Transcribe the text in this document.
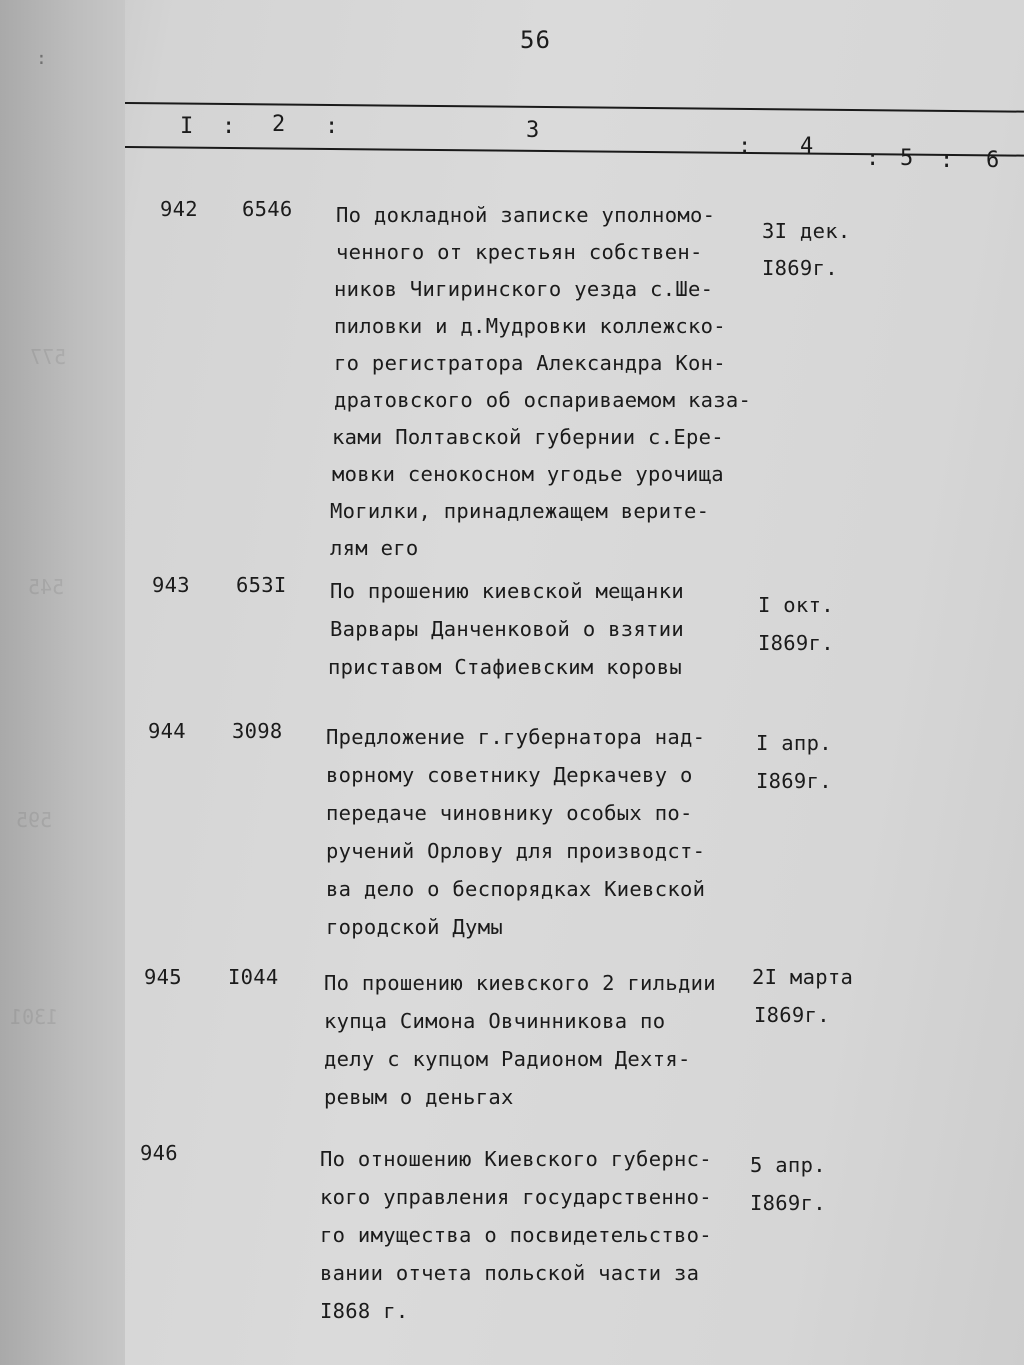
:
577
545
595
1301
56
I : 2 :	3
: 4 : 5 : 6
942 6546 По докладной записке уполномо-
ченного от крестьян собствен-
ников Чигиринского уезда с.Ше-
пиловки и д.Мудровки коллежско-
го регистратора Александра Кон-
дратовского об оспариваемом каза-
ками Полтавской губернии с.Ере-
мовки сенокосном угодье урочища
Могилки, принадлежащем верите-
лям его
3I дек.
I869г.
943 653I По прошению киевской мещанки
Варвары Данченковой о взятии
приставом Стафиевским коровы
I окт.
I869г.
944 3098 Предложение г.губернатора над-
ворному советнику Деркачеву о
передаче чиновнику особых по-
ручений Орлову для производст-
ва дело о беспорядках Киевской
городской Думы
I апр.
I869г.
945 I044 По прошению киевского 2 гильдии
купца Симона Овчинникова по
делу с купцом Радионом Дехтя-
ревым о деньгах
2I марта
I869г.
946	По отношению Киевского губернс-
кого управления государственно-
го имущества о посвидетельство-
вании отчета польской части за
I868 г.
5 апр.
I869г.
